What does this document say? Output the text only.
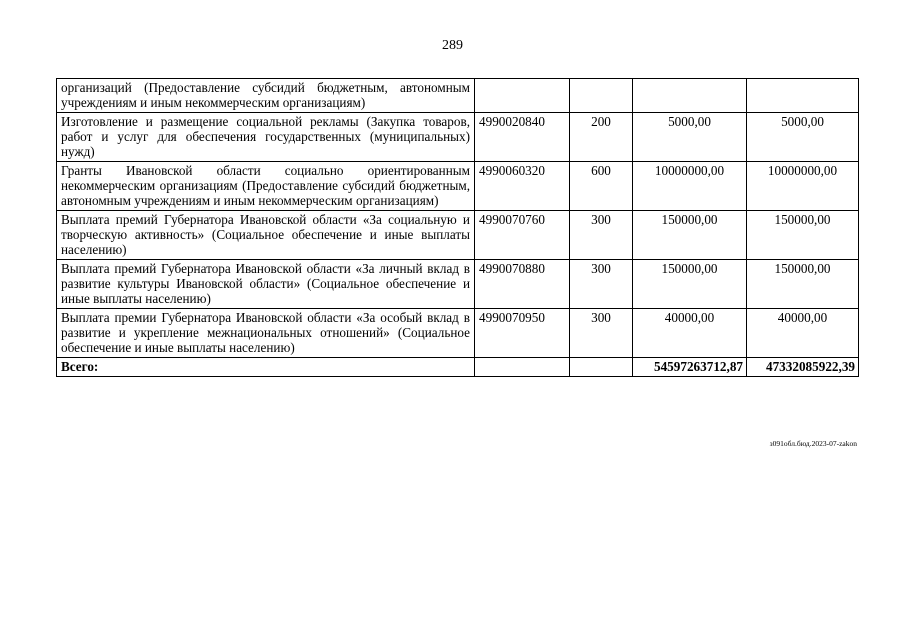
289
организаций (Предоставление субсидий бюджетным, автономным учреждениям и иным некоммерческим организациям)				
Изготовление и размещение социальной рекламы (Закупка товаров, работ и услуг для обеспечения государственных (муниципальных) нужд)	4990020840	200	5000,00	5000,00
Гранты Ивановской области социально ориентированным некоммерческим организациям (Предоставление субсидий бюджетным, автономным учреждениям и иным некоммерческим организациям)	4990060320	600	10000000,00	10000000,00
Выплата премий Губернатора Ивановской области «За социальную и творческую активность» (Социальное обеспечение и иные выплаты населению)	4990070760	300	150000,00	150000,00
Выплата премий Губернатора Ивановской области «За личный вклад в развитие культуры Ивановской области» (Социальное обеспечение и иные выплаты населению)	4990070880	300	150000,00	150000,00
Выплата премии Губернатора Ивановской области «За особый вклад в развитие и укрепление межнациональных отношений» (Социальное обеспечение и иные выплаты населению)	4990070950	300	40000,00	40000,00
Всего:			54597263712,87	47332085922,39
з091обл.бюд.2023-07-zakon
